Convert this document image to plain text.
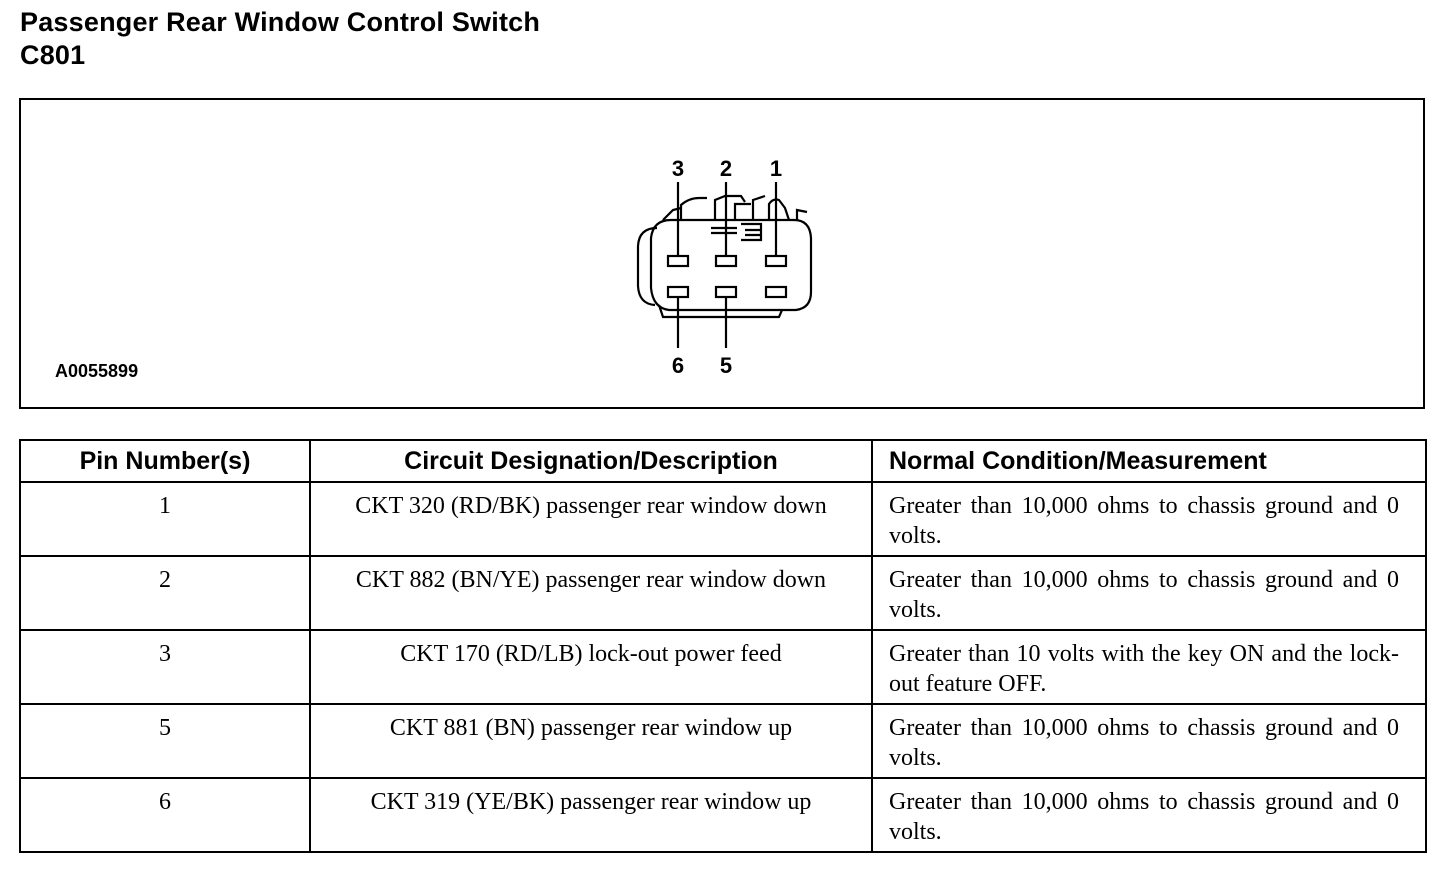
Passenger Rear Window Control Switch
C801
3 2 1
6 5
A0055899
Pin Number(s)	Circuit Designation/Description	Normal Condition/Measurement
1	CKT 320 (RD/BK) passenger rear window down	Greater than 10,000 ohms to chassis ground and 0 volts.
2	CKT 882 (BN/YE) passenger rear window down	Greater than 10,000 ohms to chassis ground and 0 volts.
3	CKT 170 (RD/LB) lock-out power feed	Greater than 10 volts with the key ON and the lock-out feature OFF.
5	CKT 881 (BN) passenger rear window up	Greater than 10,000 ohms to chassis ground and 0 volts.
6	CKT 319 (YE/BK) passenger rear window up	Greater than 10,000 ohms to chassis ground and 0 volts.
